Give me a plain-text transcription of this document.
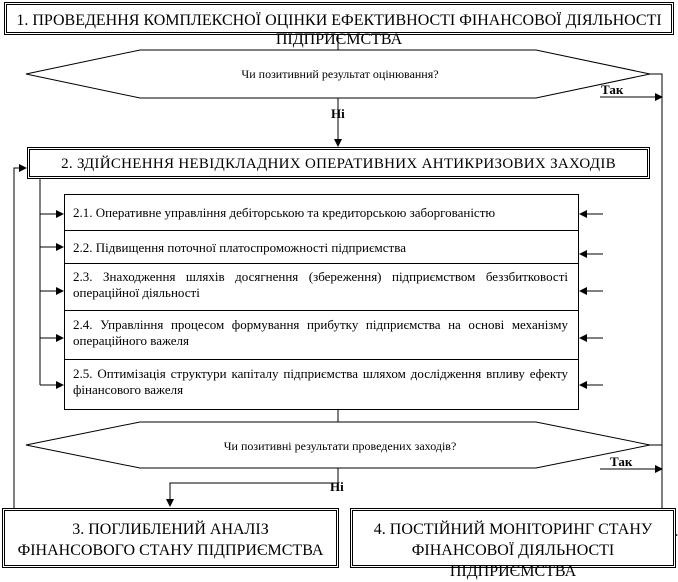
1. ПРОВЕДЕННЯ КОМПЛЕКСНОЇ ОЦІНКИ ЕФЕКТИВНОСТІ ФІНАНСОВОЇ ДІЯЛЬНОСТІ ПІДПРИЄМСТВА
Чи позитивний результат оцінювання?
Так
Ні
2. ЗДІЙСНЕННЯ НЕВІДКЛАДНИХ ОПЕРАТИВНИХ АНТИКРИЗОВИХ ЗАХОДІВ
2.1. Оперативне управління дебіторською та кредиторською заборгованістю
2.2. Підвищення поточної платоспроможності підприємства
2.3. Знаходження шляхів досягнення (збереження) підприємством беззбитковості операційної діяльності
2.4. Управління процесом формування прибутку підприємства на основі механізму операційного важеля
2.5. Оптимізація структури капіталу підприємства шляхом дослідження впливу ефекту фінансового важеля
Чи позитивні результати проведених заходів?
Так
Ні
3. ПОГЛИБЛЕНИЙ АНАЛІЗ ФІНАНСОВОГО СТАНУ ПІДПРИЄМСТВА
4. ПОСТІЙНИЙ МОНІТОРИНГ СТАНУ ФІНАНСОВОЇ ДІЯЛЬНОСТІ ПІДПРИЄМСТВА
